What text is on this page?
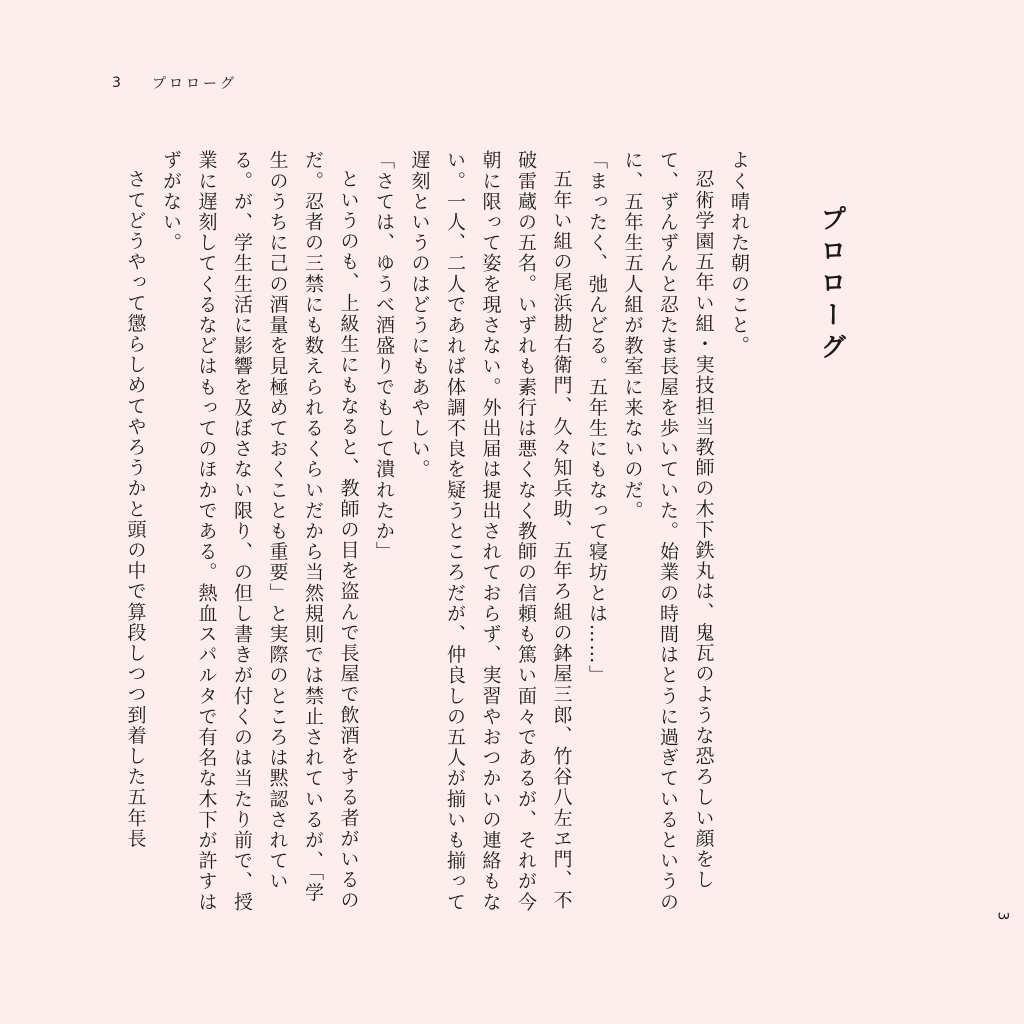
3	プロローグ
プロローグ

よく晴れた朝のこと。

忍術学園五年い組・実技担当教師の木下鉄丸は、鬼瓦のような恐ろしい顔をして、ずんずんと忍たま長屋を歩いていた。始業の時間はとうに過ぎているというのに、五年生五人組が教室に来ないのだ。

「まったく、弛んどる。五年生にもなって寝坊とは……」

五年い組の尾浜勘右衛門、久々知兵助、五年ろ組の鉢屋三郎、竹谷八左ヱ門、不破雷蔵の五名。いずれも素行は悪くなく教師の信頼も篤い面々であるが、それが今朝に限って姿を現さない。外出届は提出されておらず、実習やおつかいの連絡もない。一人、二人であれば体調不良を疑うところだが、仲良しの五人が揃いも揃って遅刻というのはどうにもあやしい。

「さては、ゆうべ酒盛りでもして潰れたか」

というのも、上級生にもなると、教師の目を盗んで長屋で飲酒をする者がいるのだ。忍者の三禁にも数えられるくらいだから当然規則では禁止されているが、「学生のうちに己の酒量を見極めておくことも重要」と実際のところは黙認されている。が、学生生活に影響を及ぼさない限り、の但し書きが付くのは当たり前で、授業に遅刻してくるなどはもってのほかである。熱血スパルタで有名な木下が許すはずがない。

さてどうやって懲らしめてやろうかと頭の中で算段しつつ到着した五年長

3
